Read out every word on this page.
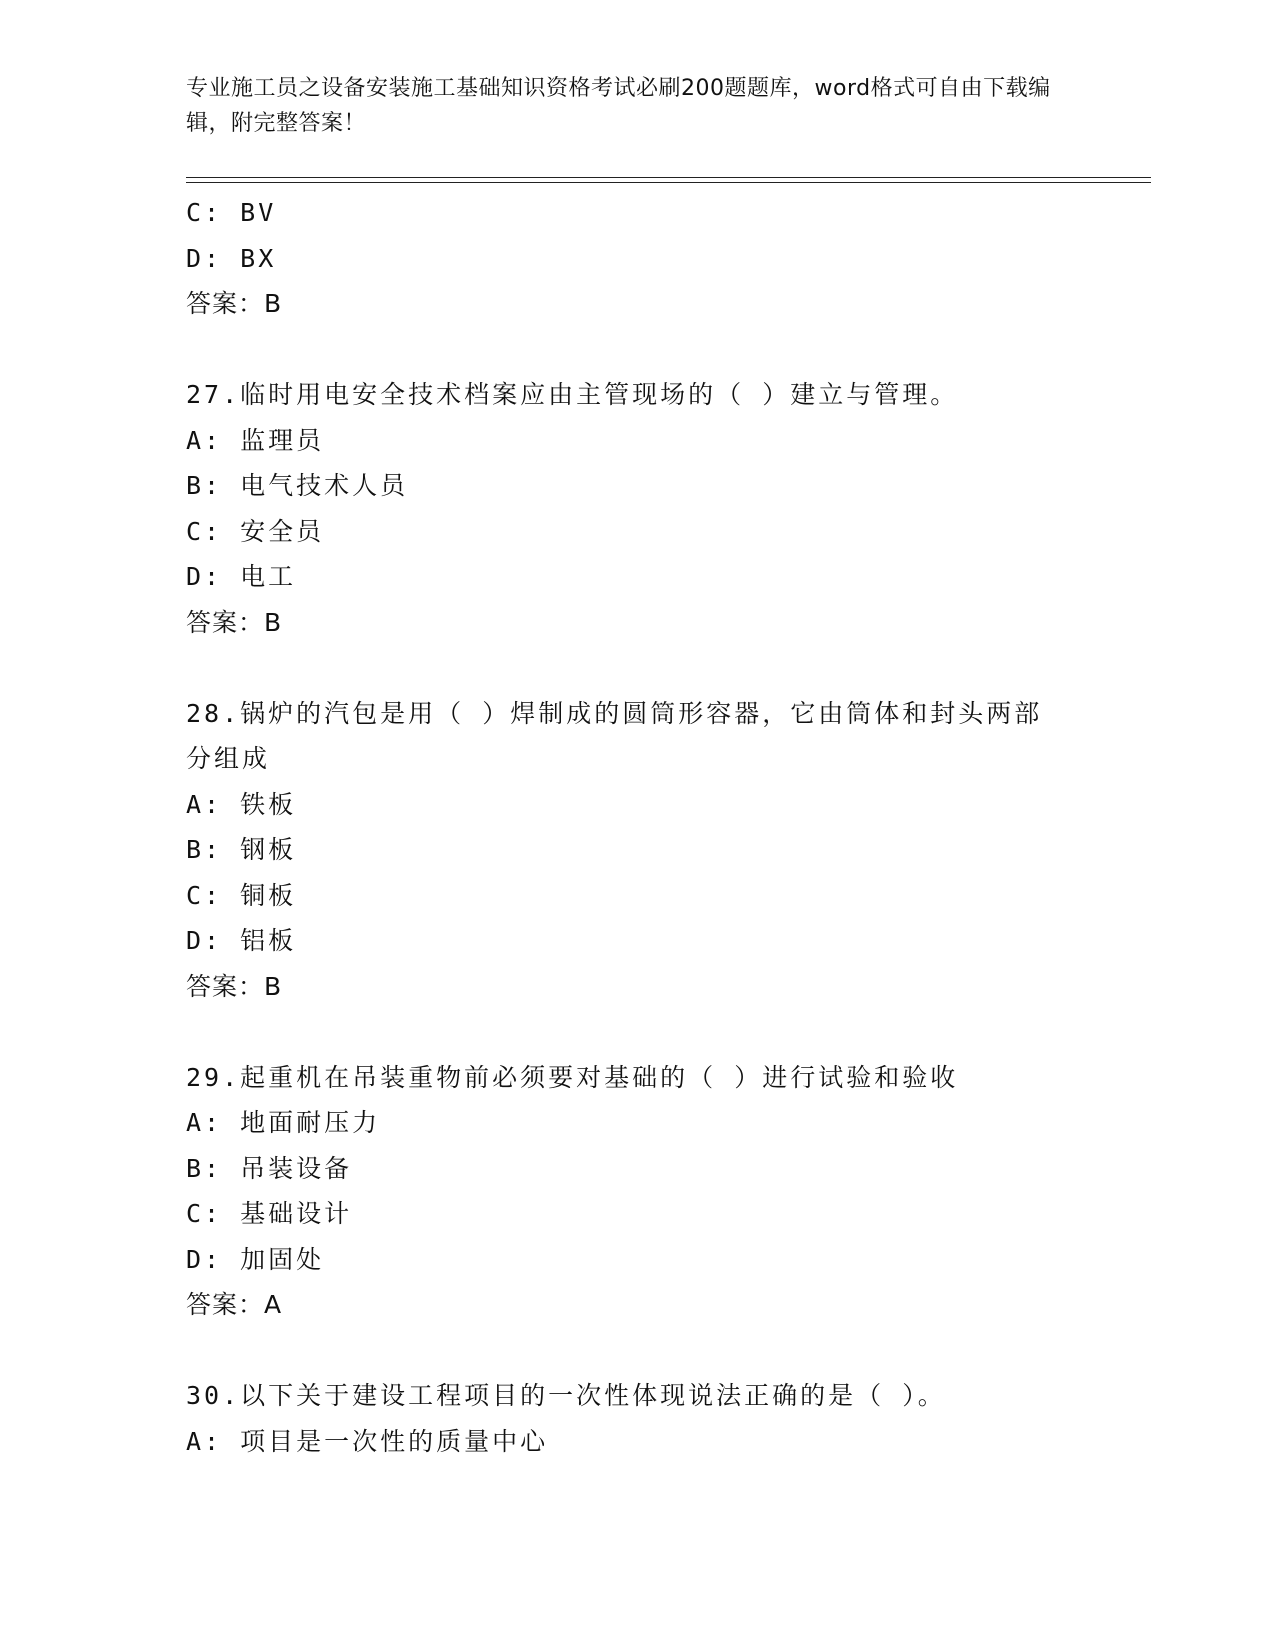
专业施工员之设备安装施工基础知识资格考试必刷200题题库，word格式可自由下载编辑，附完整答案！
C: BV
D: BX
答案：B
27.临时用电安全技术档案应由主管现场的（ ）建立与管理。
A: 监理员
B: 电气技术人员
C: 安全员
D: 电工
答案：B
28.锅炉的汽包是用（ ）焊制成的圆筒形容器，它由筒体和封头两部分组成
A: 铁板
B: 钢板
C: 铜板
D: 铝板
答案：B
29.起重机在吊装重物前必须要对基础的（ ）进行试验和验收
A: 地面耐压力
B: 吊装设备
C: 基础设计
D: 加固处
答案：A
30.以下关于建设工程项目的一次性体现说法正确的是（ ）。
A: 项目是一次性的质量中心
